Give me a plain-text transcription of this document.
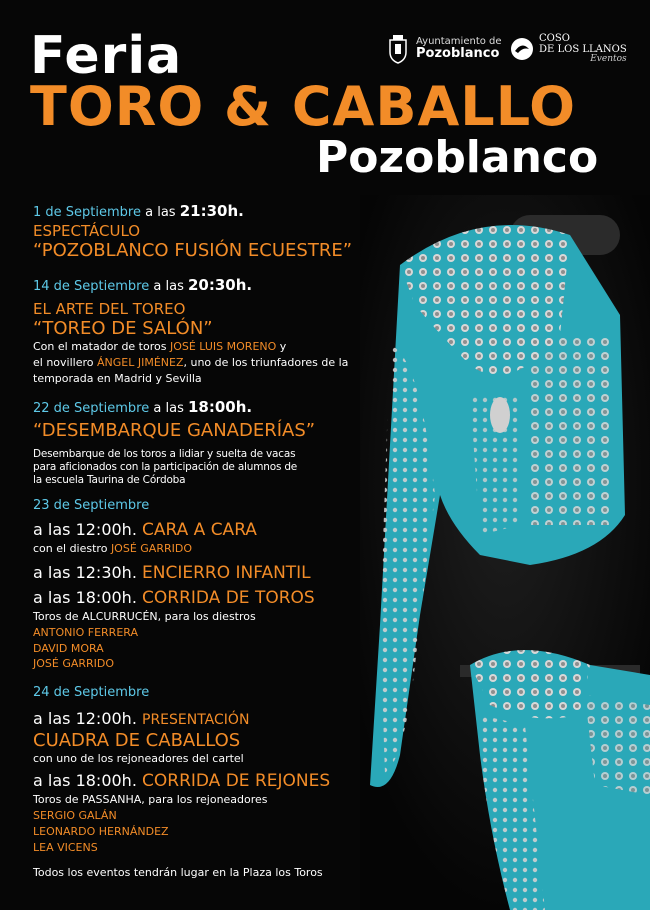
Feria
TORO & CABALLO
Pozoblanco
Ayuntamiento de
Pozoblanco
COSO
DE LOS LLANOS
Eventos
1 de Septiembre a las 21:30h.
ESPECTÁCULO
“POZOBLANCO FUSIÓN ECUESTRE”
14 de Septiembre a las 20:30h.
EL ARTE DEL TOREO
“TOREO DE SALÓN”
Con el matador de toros JOSÉ LUIS MORENO y
el novillero ÁNGEL JIMÉNEZ, uno de los triunfadores de la
temporada en Madrid y Sevilla
22 de Septiembre a las 18:00h.
“DESEMBARQUE GANADERÍAS”
Desembarque de los toros a lidiar y suelta de vacas
para aficionados con la participación de alumnos de
la escuela Taurina de Córdoba
23 de Septiembre
a las 12:00h. CARA A CARA
con el diestro JOSÉ GARRIDO
a las 12:30h. ENCIERRO INFANTIL
a las 18:00h. CORRIDA DE TOROS
Toros de ALCURRUCÉN, para los diestros
ANTONIO FERRERA
DAVID MORA
JOSÉ GARRIDO
24 de Septiembre
a las 12:00h. PRESENTACIÓN
CUADRA DE CABALLOS
con uno de los rejoneadores del cartel
a las 18:00h. CORRIDA DE REJONES
Toros de PASSANHA, para los rejoneadores
SERGIO GALÁN
LEONARDO HERNÁNDEZ
LEA VICENS
Todos los eventos tendrán lugar en la Plaza los Toros
